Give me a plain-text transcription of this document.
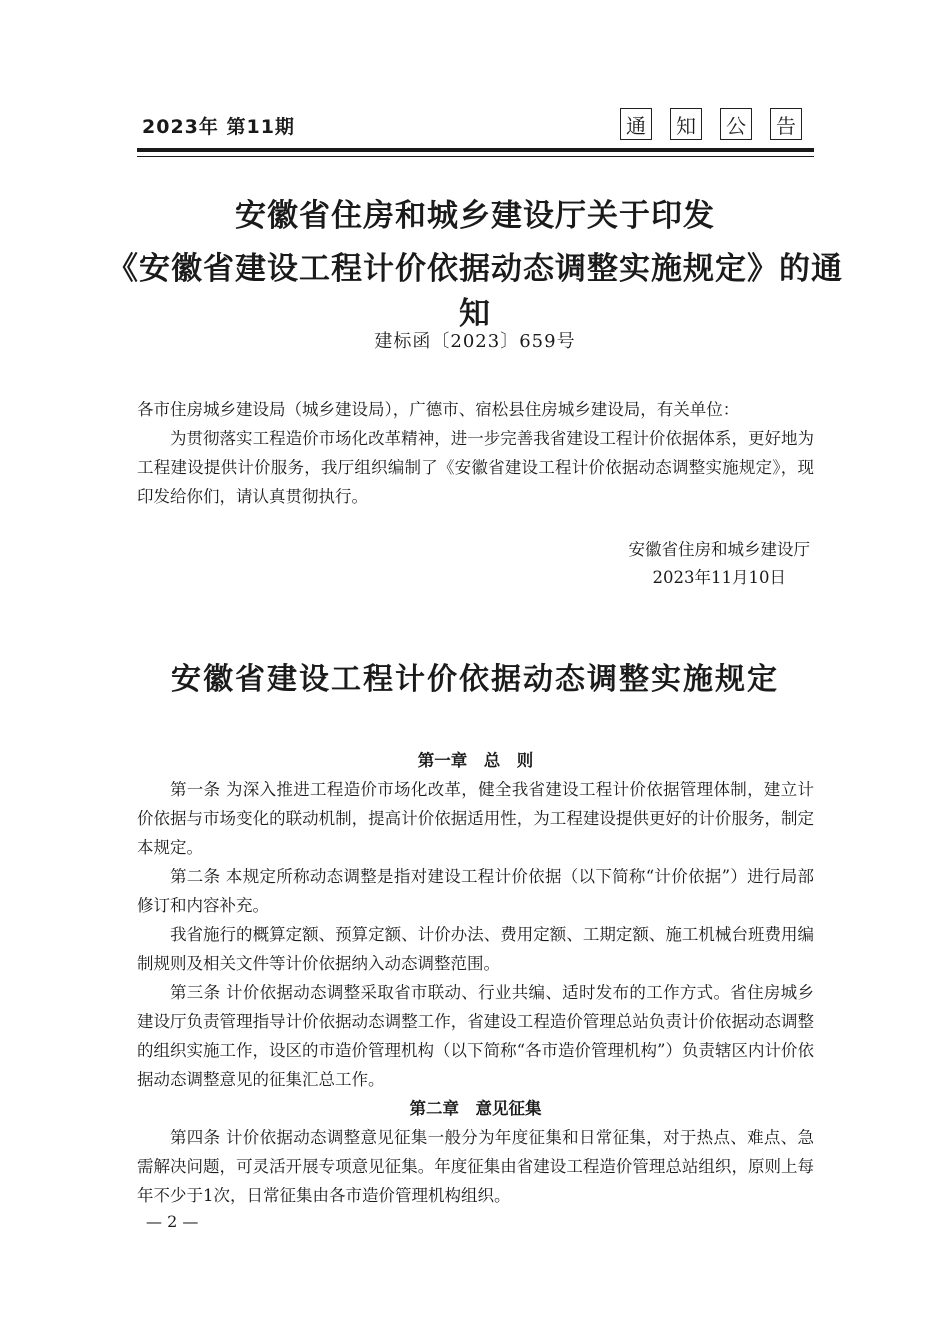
2023年 第11期	通	知	公	告
安徽省住房和城乡建设厅关于印发
《安徽省建设工程计价依据动态调整实施规定》的通知
建标函〔2023〕659号

各市住房城乡建设局（城乡建设局），广德市、宿松县住房城乡建设局，有关单位：

为贯彻落实工程造价市场化改革精神，进一步完善我省建设工程计价依据体系，更好地为工程建设提供计价服务，我厅组织编制了《安徽省建设工程计价依据动态调整实施规定》，现印发给你们，请认真贯彻执行。

安徽省住房和城乡建设厅
2023年11月10日
安徽省建设工程计价依据动态调整实施规定

第一章　总　则

第一条 为深入推进工程造价市场化改革，健全我省建设工程计价依据管理体制，建立计价依据与市场变化的联动机制，提高计价依据适用性，为工程建设提供更好的计价服务，制定本规定。

第二条 本规定所称动态调整是指对建设工程计价依据（以下简称“计价依据”）进行局部修订和内容补充。

我省施行的概算定额、预算定额、计价办法、费用定额、工期定额、施工机械台班费用编制规则及相关文件等计价依据纳入动态调整范围。

第三条 计价依据动态调整采取省市联动、行业共编、适时发布的工作方式。省住房城乡建设厅负责管理指导计价依据动态调整工作，省建设工程造价管理总站负责计价依据动态调整的组织实施工作，设区的市造价管理机构（以下简称“各市造价管理机构”）负责辖区内计价依据动态调整意见的征集汇总工作。

第二章　意见征集

第四条 计价依据动态调整意见征集一般分为年度征集和日常征集，对于热点、难点、急需解决问题，可灵活开展专项意见征集。年度征集由省建设工程造价管理总站组织，原则上每年不少于1次，日常征集由各市造价管理机构组织。

— 2 —
